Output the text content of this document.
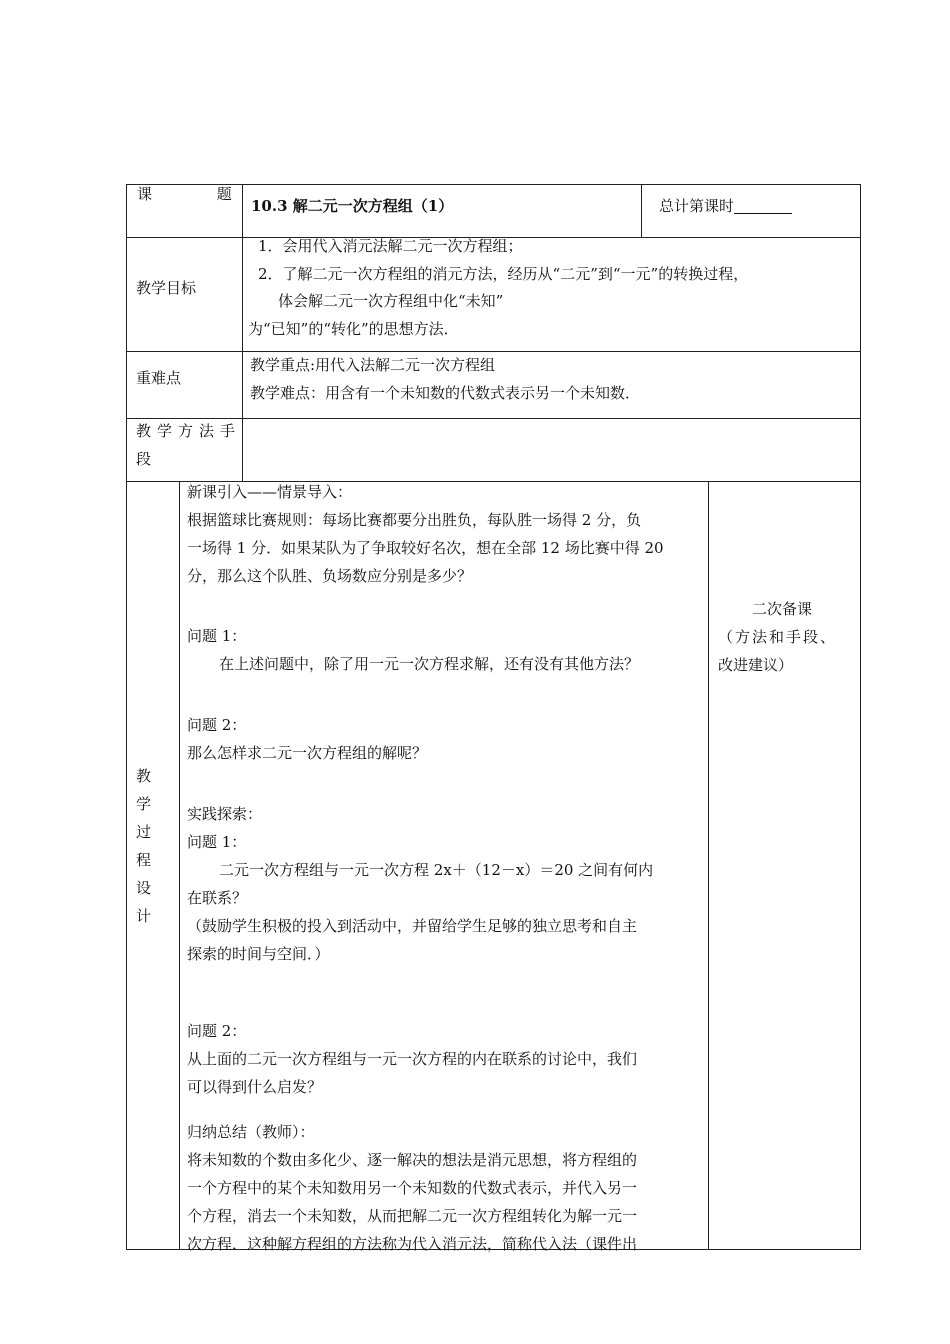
课 题
10.3 解二元一次方程组（1）	总计第课时
教学目标
1．会用代入消元法解二元一次方程组；
2．了解二元一次方程组的消元方法，经历从“二元”到“一元”的转换过程，
体会解二元一次方程组中化“未知”
为“已知”的“转化”的思想方法．
重难点
教学重点:用代入法解二元一次方程组
教学难点：用含有一个未知数的代数式表示另一个未知数．
教学方法手
段
教
学
过
程
设
计
新课引入——情景导入：
根据篮球比赛规则：每场比赛都要分出胜负，每队胜一场得 2 分，负
一场得 1 分．如果某队为了争取较好名次，想在全部 12 场比赛中得 20
分，那么这个队胜、负场数应分别是多少？
问题 1：
在上述问题中，除了用一元一次方程求解，还有没有其他方法？
问题 2：
那么怎样求二元一次方程组的解呢？
实践探索：
问题 1：
二元一次方程组与一元一次方程 2x＋（12－x）＝20 之间有何内
在联系？
（鼓励学生积极的投入到活动中，并留给学生足够的独立思考和自主
探索的时间与空间．）
问题 2：
从上面的二元一次方程组与一元一次方程的内在联系的讨论中，我们
可以得到什么启发？
归纳总结（教师）：
将未知数的个数由多化少、逐一解决的想法是消元思想，将方程组的
一个方程中的某个未知数用另一个未知数的代数式表示，并代入另一
个方程，消去一个未知数，从而把解二元一次方程组转化为解一元一
次方程．这种解方程组的方法称为代入消元法，简称代入法（课件出
二次备课
（方法和手段、
改进建议）
